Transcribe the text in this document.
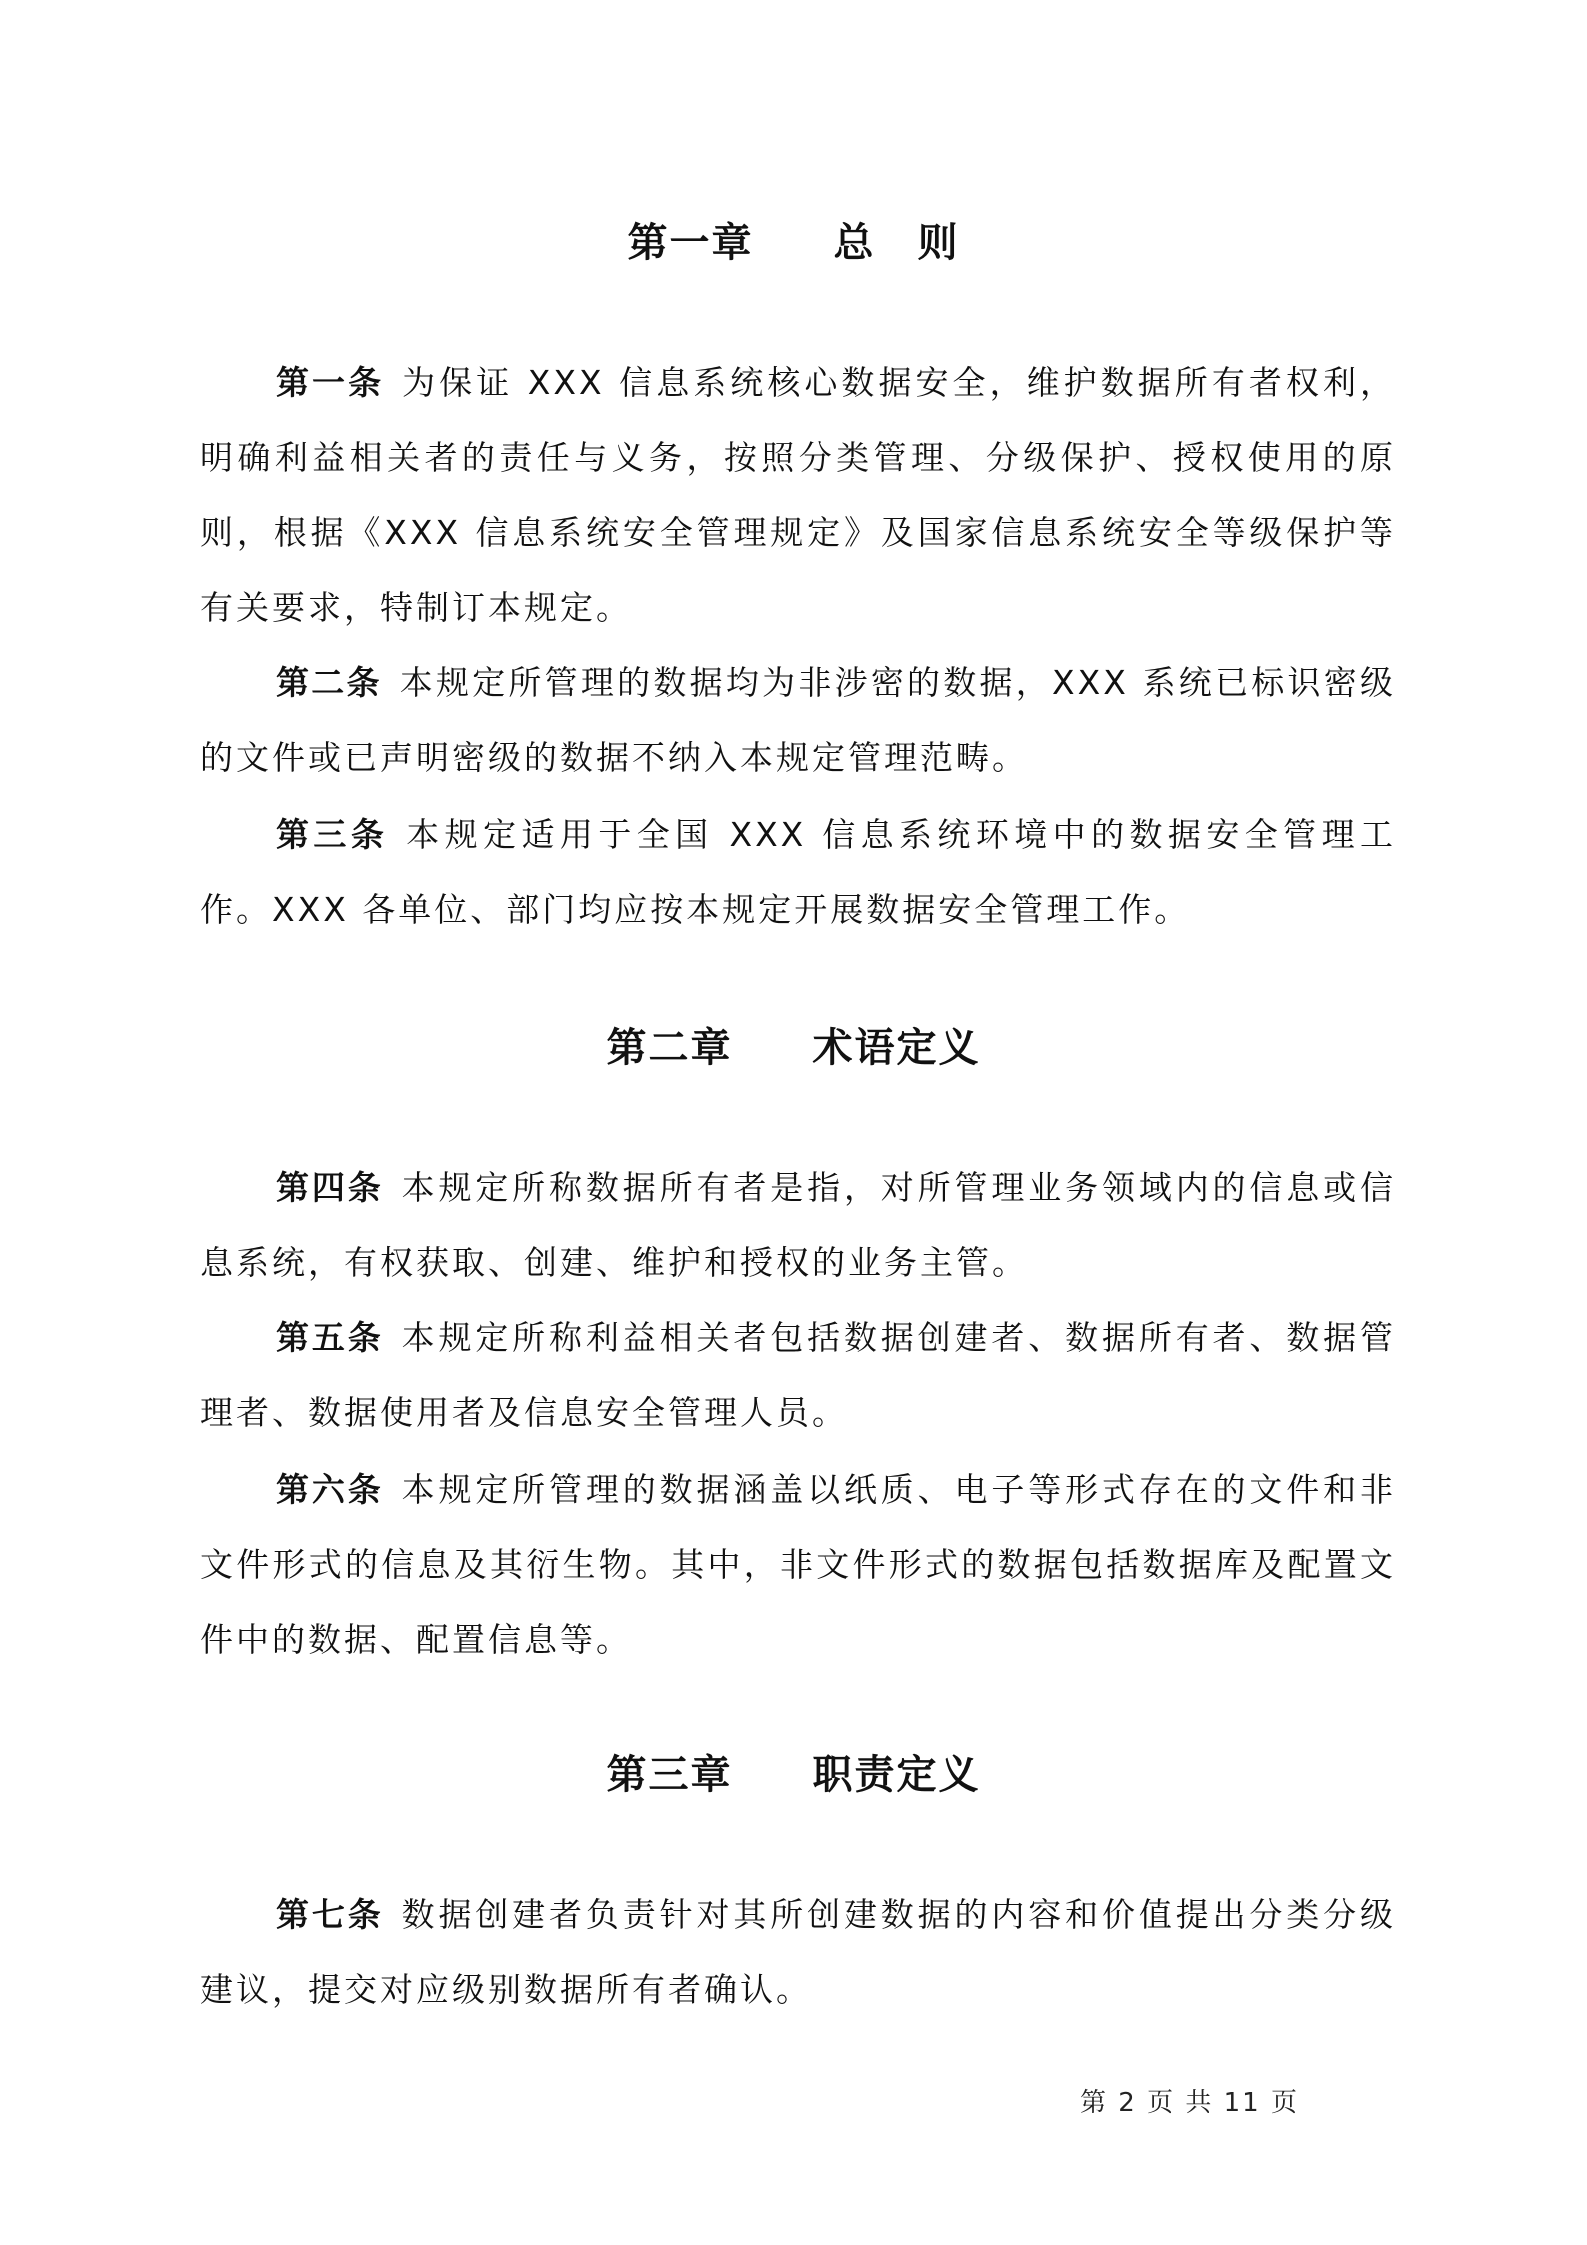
第一章 总　则
第一条 为保证 XXX 信息系统核心数据安全，维护数据所有者权利，明确利益相关者的责任与义务，按照分类管理、分级保护、授权使用的原则，根据《XXX 信息系统安全管理规定》及国家信息系统安全等级保护等有关要求，特制订本规定。
第二条 本规定所管理的数据均为非涉密的数据，XXX 系统已标识密级的文件或已声明密级的数据不纳入本规定管理范畴。
第三条 本规定适用于全国 XXX 信息系统环境中的数据安全管理工作。XXX 各单位、部门均应按本规定开展数据安全管理工作。
第二章 术语定义
第四条 本规定所称数据所有者是指，对所管理业务领域内的信息或信息系统，有权获取、创建、维护和授权的业务主管。
第五条 本规定所称利益相关者包括数据创建者、数据所有者、数据管理者、数据使用者及信息安全管理人员。
第六条 本规定所管理的数据涵盖以纸质、电子等形式存在的文件和非文件形式的信息及其衍生物。其中，非文件形式的数据包括数据库及配置文件中的数据、配置信息等。
第三章 职责定义
第七条 数据创建者负责针对其所创建数据的内容和价值提出分类分级建议，提交对应级别数据所有者确认。
第 2 页 共 11 页
